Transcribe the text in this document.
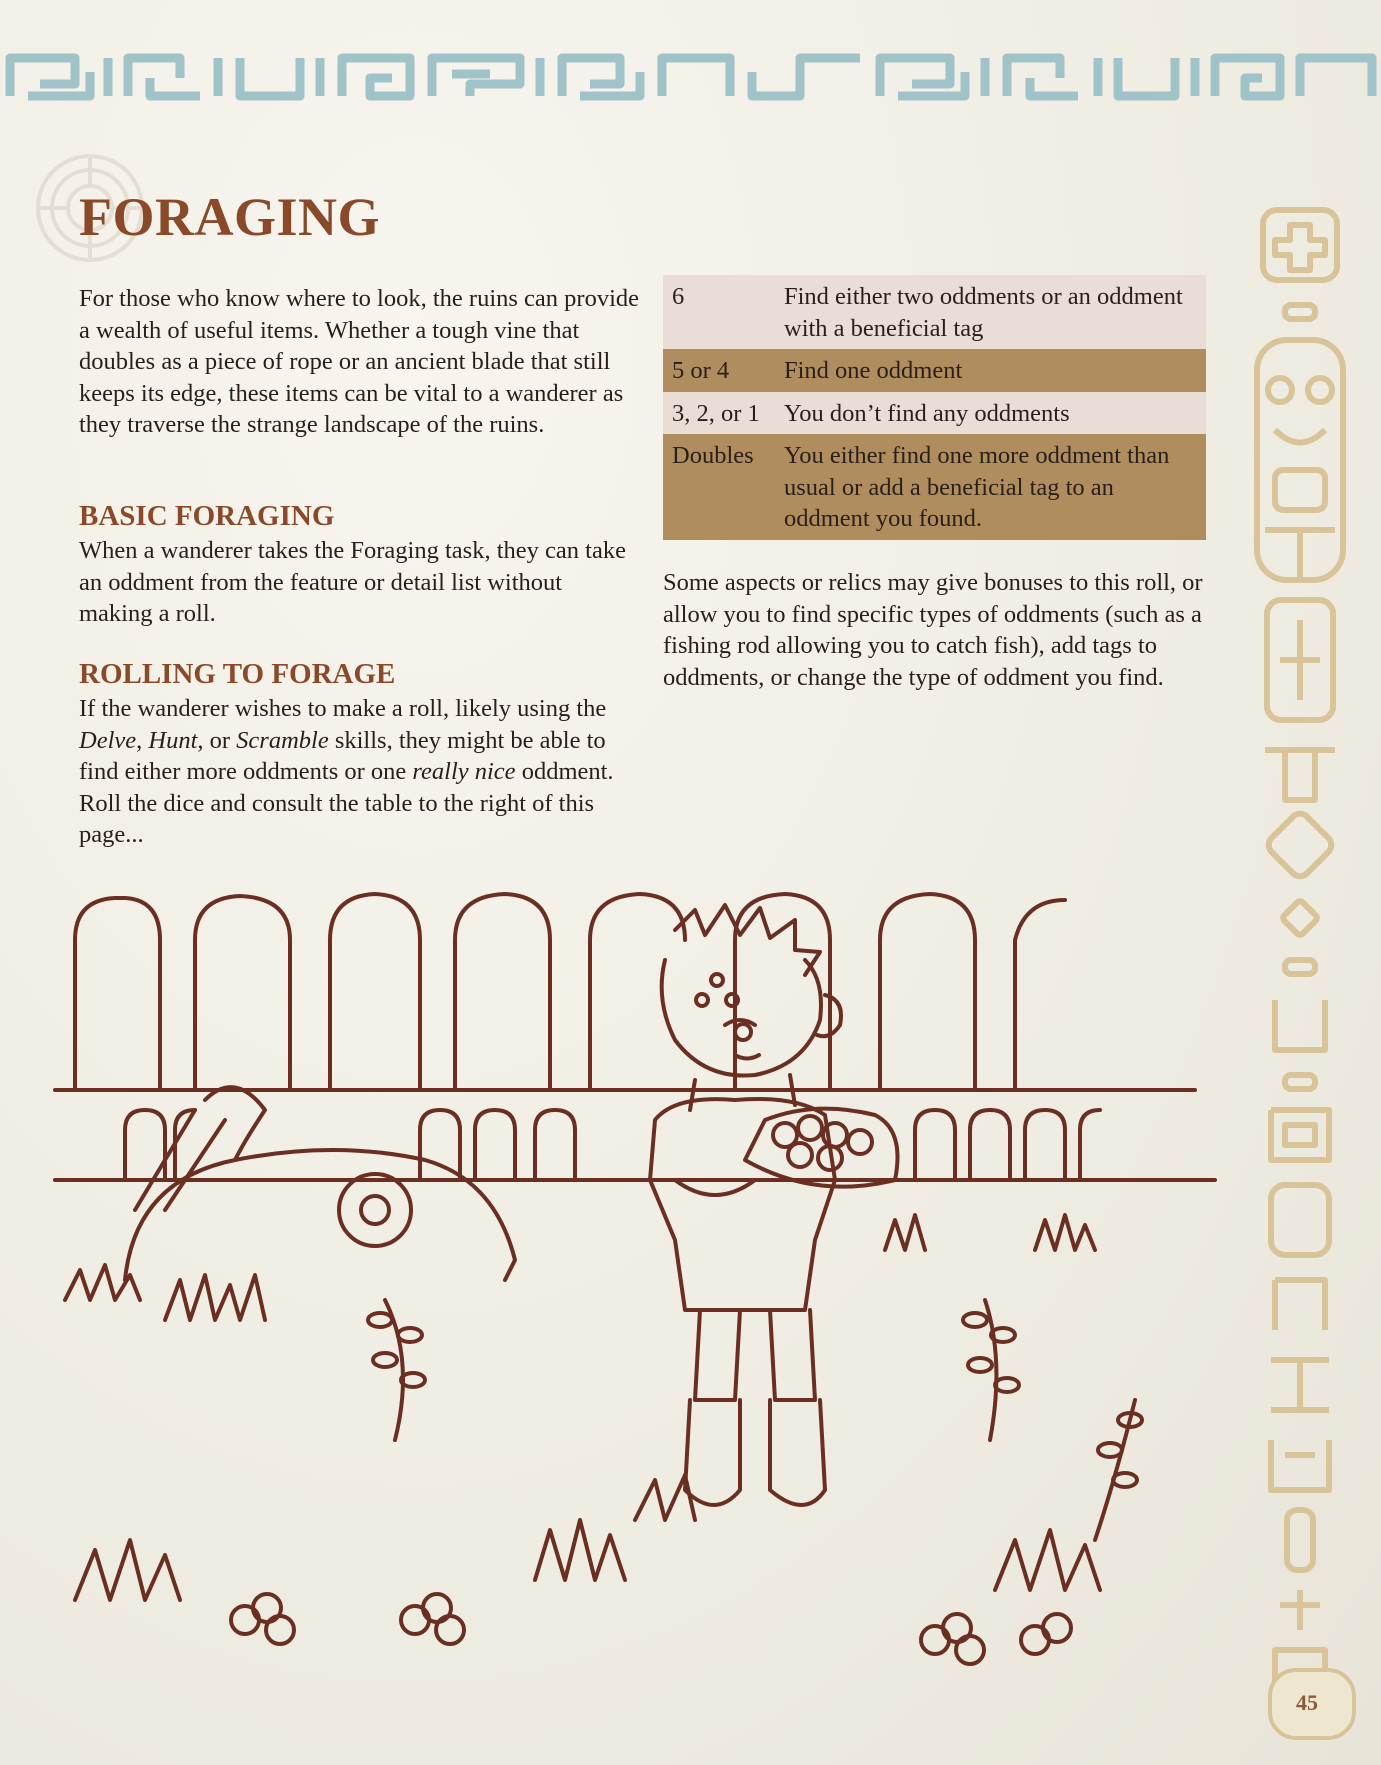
FORAGING

For those who know where to look, the ruins can provide a wealth of useful items. Whether a tough vine that doubles as a piece of rope or an ancient blade that still keeps its edge, these items can be vital to a wanderer as they traverse the strange landscape of the ruins.

BASIC FORAGING

When a wanderer takes the Foraging task, they can take an oddment from the feature or detail list without making a roll.

ROLLING TO FORAGE

If the wanderer wishes to make a roll, likely using the Delve, Hunt, or Scramble skills, they might be able to find either more oddments or one really nice oddment. Roll the dice and consult the table to the right of this page...

6	Find either two oddments or an oddment with a beneficial tag
5 or 4	Find one oddment
3, 2, or 1	You don’t find any oddments
Doubles	You either find one more oddment than usual or add a beneficial tag to an oddment you found.

Some aspects or relics may give bonuses to this roll, or allow you to find specific types of oddments (such as a fishing rod allowing you to catch fish), add tags to oddments, or change the type of oddment you find.

45
